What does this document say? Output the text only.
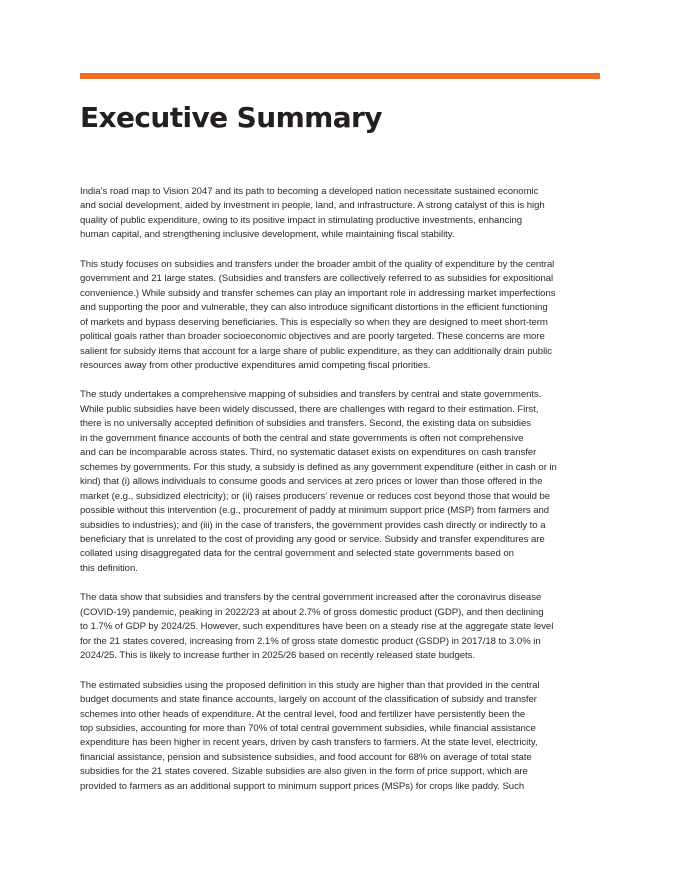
Executive Summary

India’s road map to Vision 2047 and its path to becoming a developed nation necessitate sustained economic
and social development, aided by investment in people, land, and infrastructure. A strong catalyst of this is high
quality of public expenditure, owing to its positive impact in stimulating productive investments, enhancing
human capital, and strengthening inclusive development, while maintaining fiscal stability.

This study focuses on subsidies and transfers under the broader ambit of the quality of expenditure by the central
government and 21 large states. (Subsidies and transfers are collectively referred to as subsidies for expositional
convenience.) While subsidy and transfer schemes can play an important role in addressing market imperfections
and supporting the poor and vulnerable, they can also introduce significant distortions in the efficient functioning
of markets and bypass deserving beneficiaries. This is especially so when they are designed to meet short-term
political goals rather than broader socioeconomic objectives and are poorly targeted. These concerns are more
salient for subsidy items that account for a large share of public expenditure, as they can additionally drain public
resources away from other productive expenditures amid competing fiscal priorities.

The study undertakes a comprehensive mapping of subsidies and transfers by central and state governments.
While public subsidies have been widely discussed, there are challenges with regard to their estimation. First,
there is no universally accepted definition of subsidies and transfers. Second, the existing data on subsidies
in the government finance accounts of both the central and state governments is often not comprehensive
and can be incomparable across states. Third, no systematic dataset exists on expenditures on cash transfer
schemes by governments. For this study, a subsidy is defined as any government expenditure (either in cash or in
kind) that (i) allows individuals to consume goods and services at zero prices or lower than those offered in the
market (e.g., subsidized electricity); or (ii) raises producers’ revenue or reduces cost beyond those that would be
possible without this intervention (e.g., procurement of paddy at minimum support price (MSP) from farmers and
subsidies to industries); and (iii) in the case of transfers, the government provides cash directly or indirectly to a
beneficiary that is unrelated to the cost of providing any good or service. Subsidy and transfer expenditures are
collated using disaggregated data for the central government and selected state governments based on
this definition.

The data show that subsidies and transfers by the central government increased after the coronavirus disease
(COVID-19) pandemic, peaking in 2022/23 at about 2.7% of gross domestic product (GDP), and then declining
to 1.7% of GDP by 2024/25. However, such expenditures have been on a steady rise at the aggregate state level
for the 21 states covered, increasing from 2.1% of gross state domestic product (GSDP) in 2017/18 to 3.0% in
2024/25. This is likely to increase further in 2025/26 based on recently released state budgets.

The estimated subsidies using the proposed definition in this study are higher than that provided in the central
budget documents and state finance accounts, largely on account of the classification of subsidy and transfer
schemes into other heads of expenditure. At the central level, food and fertilizer have persistently been the
top subsidies, accounting for more than 70% of total central government subsidies, while financial assistance
expenditure has been higher in recent years, driven by cash transfers to farmers. At the state level, electricity,
financial assistance, pension and subsistence subsidies, and food account for 68% on average of total state
subsidies for the 21 states covered. Sizable subsidies are also given in the form of price support, which are
provided to farmers as an additional support to minimum support prices (MSPs) for crops like paddy. Such
